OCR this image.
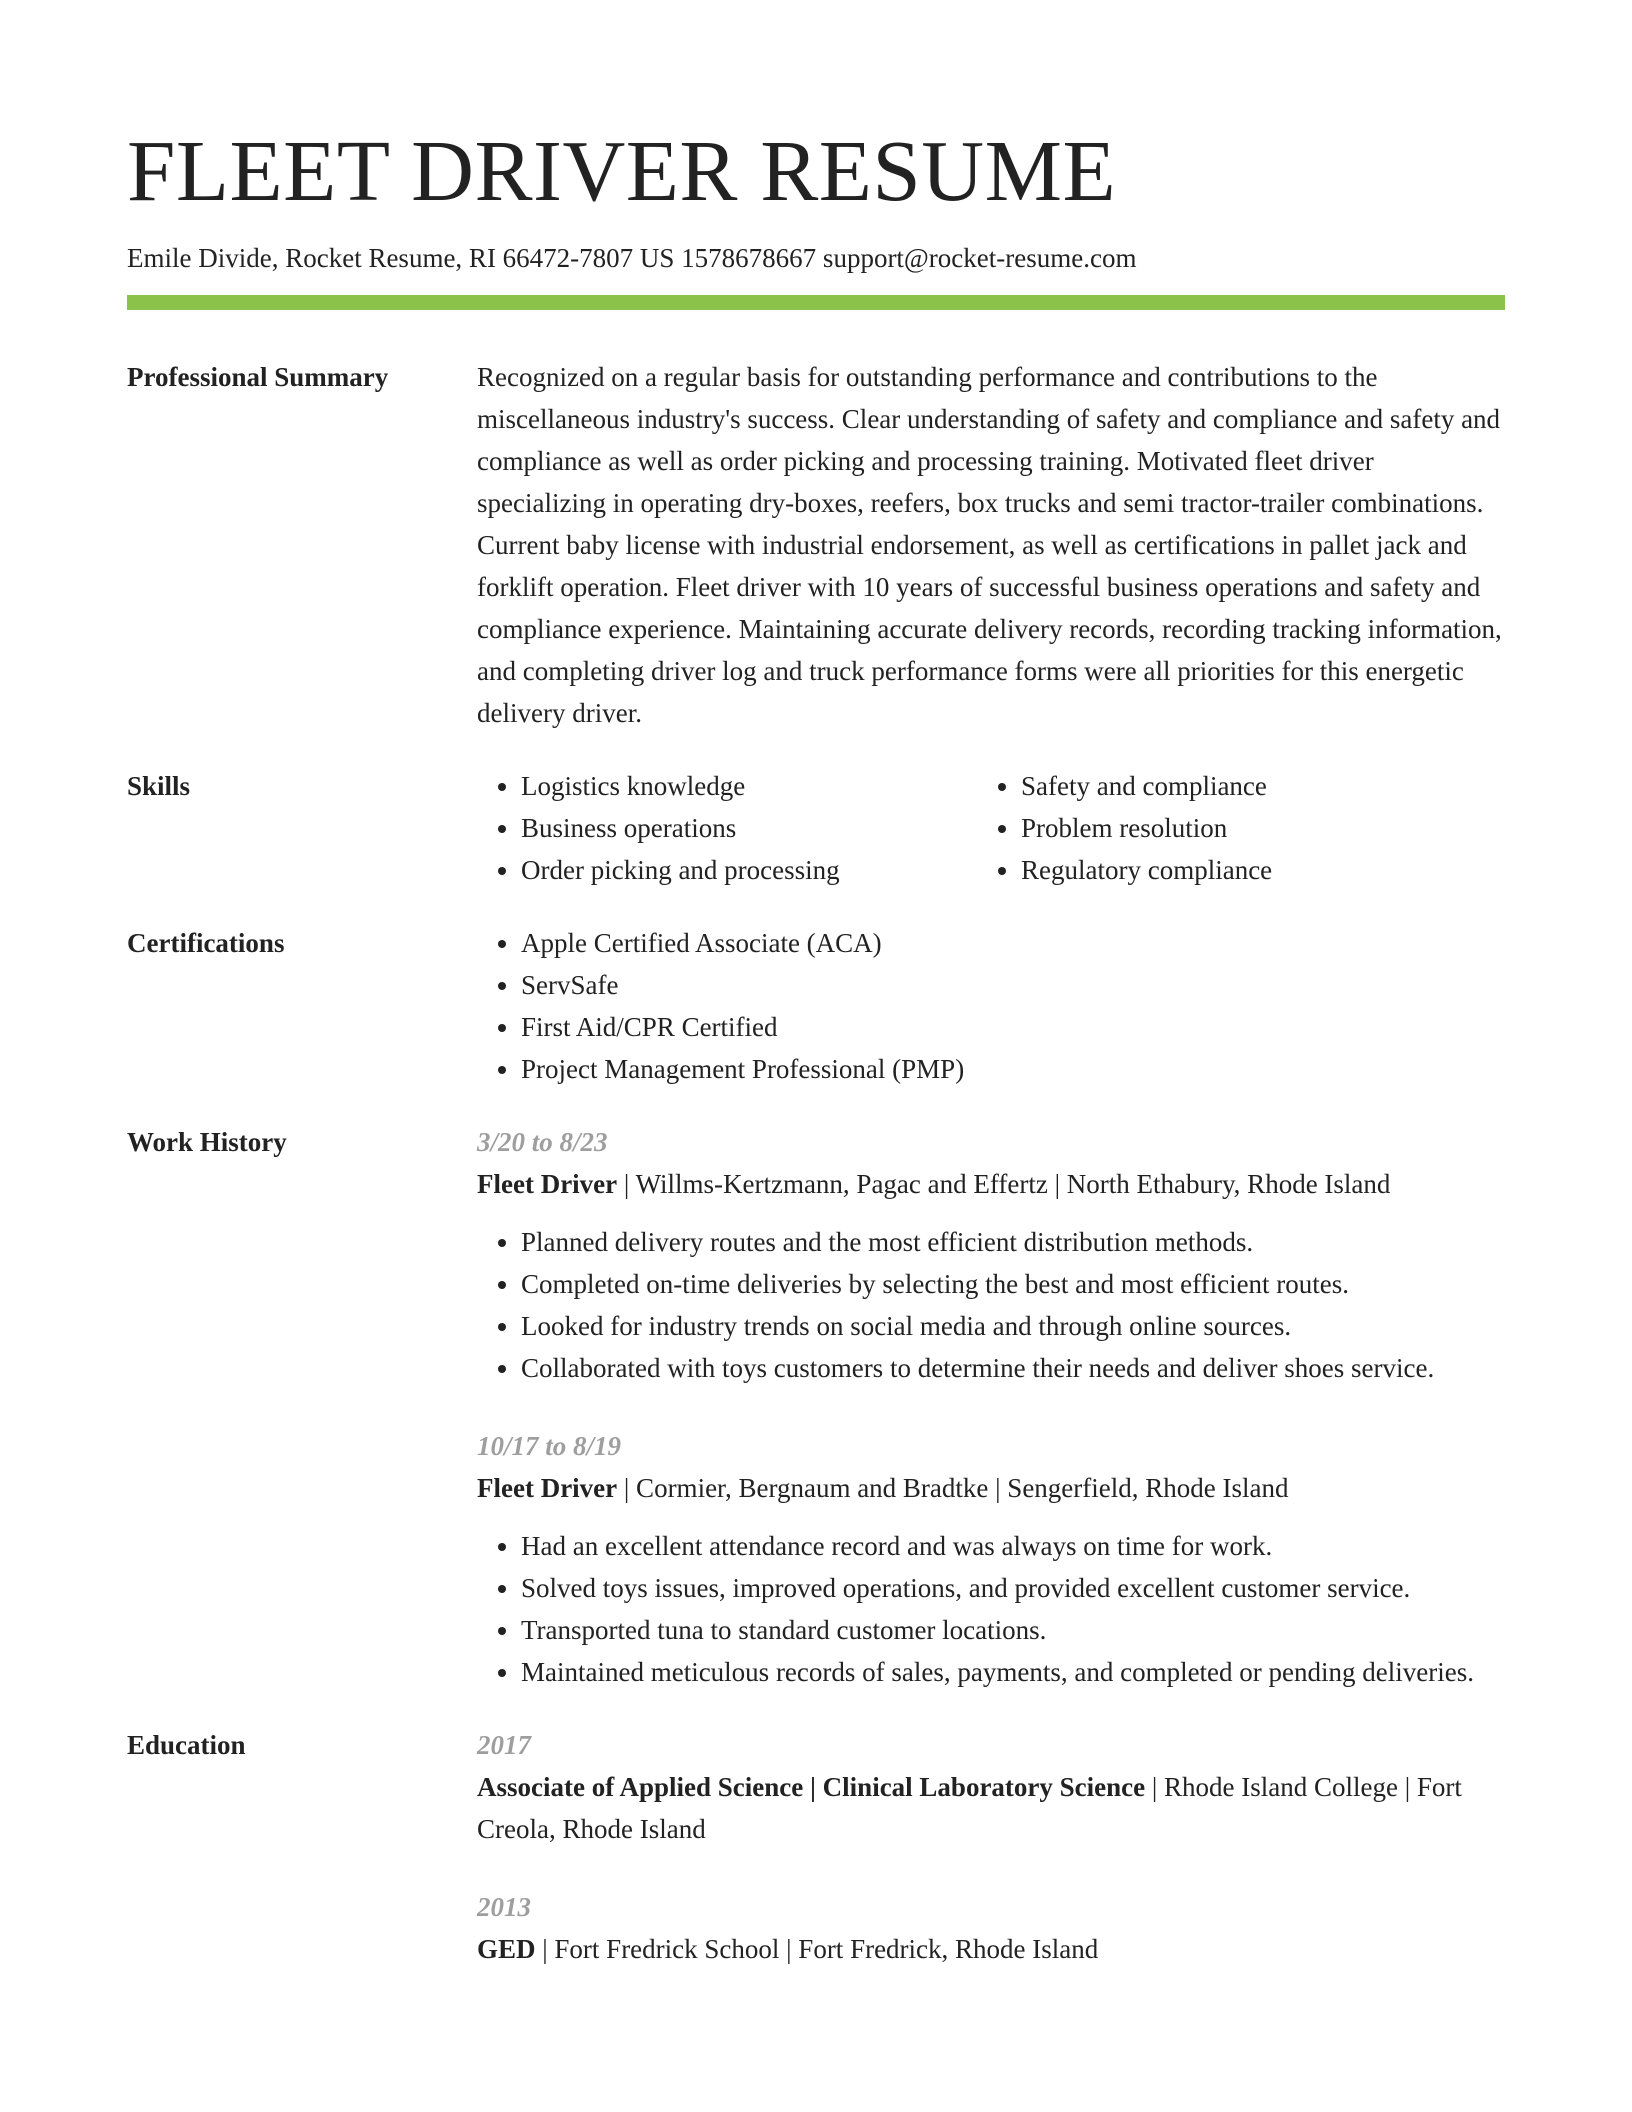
FLEET DRIVER RESUME
Emile Divide, Rocket Resume, RI 66472-7807 US 1578678667 support@rocket-resume.com
Professional Summary	Recognized on a regular basis for outstanding performance and contributions to the miscellaneous industry's success. Clear understanding of safety and compliance and safety and compliance as well as order picking and processing training. Motivated fleet driver specializing in operating dry-boxes, reefers, box trucks and semi tractor-trailer combinations. Current baby license with industrial endorsement, as well as certifications in pallet jack and forklift operation. Fleet driver with 10 years of successful business operations and safety and compliance experience. Maintaining accurate delivery records, recording tracking information, and completing driver log and truck performance forms were all priorities for this energetic delivery driver.

Skills	• Logistics knowledge
• Business operations
• Order picking and processing
• Safety and compliance
• Problem resolution
• Regulatory compliance
Certifications	• Apple Certified Associate (ACA)
• ServSafe
• First Aid/CPR Certified
• Project Management Professional (PMP)
Work History	3/20 to 8/23
Fleet Driver | Willms-Kertzmann, Pagac and Effertz | North Ethabury, Rhode Island
• Planned delivery routes and the most efficient distribution methods.
• Completed on-time deliveries by selecting the best and most efficient routes.
• Looked for industry trends on social media and through online sources.
• Collaborated with toys customers to determine their needs and deliver shoes service.
10/17 to 8/19
Fleet Driver | Cormier, Bergnaum and Bradtke | Sengerfield, Rhode Island
• Had an excellent attendance record and was always on time for work.
• Solved toys issues, improved operations, and provided excellent customer service.
• Transported tuna to standard customer locations.
• Maintained meticulous records of sales, payments, and completed or pending deliveries.
Education	2017
Associate of Applied Science | Clinical Laboratory Science | Rhode Island College | Fort Creola, Rhode Island
2013
GED | Fort Fredrick School | Fort Fredrick, Rhode Island
